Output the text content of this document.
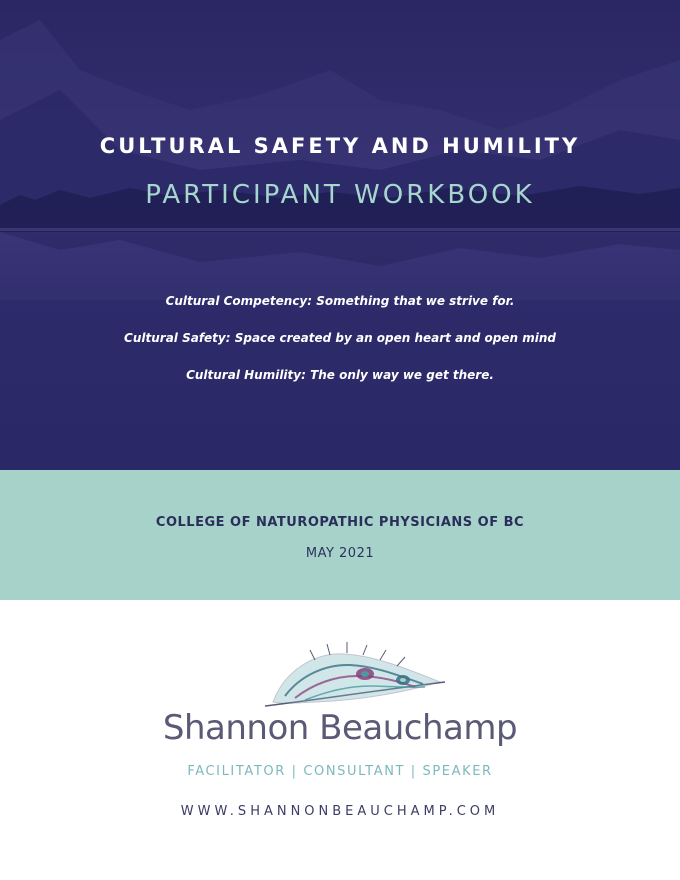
CULTURAL SAFETY AND HUMILITY
PARTICIPANT WORKBOOK
Cultural Competency: Something that we strive for.
Cultural Safety: Space created by an open heart and open mind
Cultural Humility: The only way we get there.
COLLEGE OF NATUROPATHIC PHYSICIANS OF BC
MAY 2021
Shannon Beauchamp
FACILITATOR | CONSULTANT | SPEAKER
WWW.SHANNONBEAUCHAMP.COM
